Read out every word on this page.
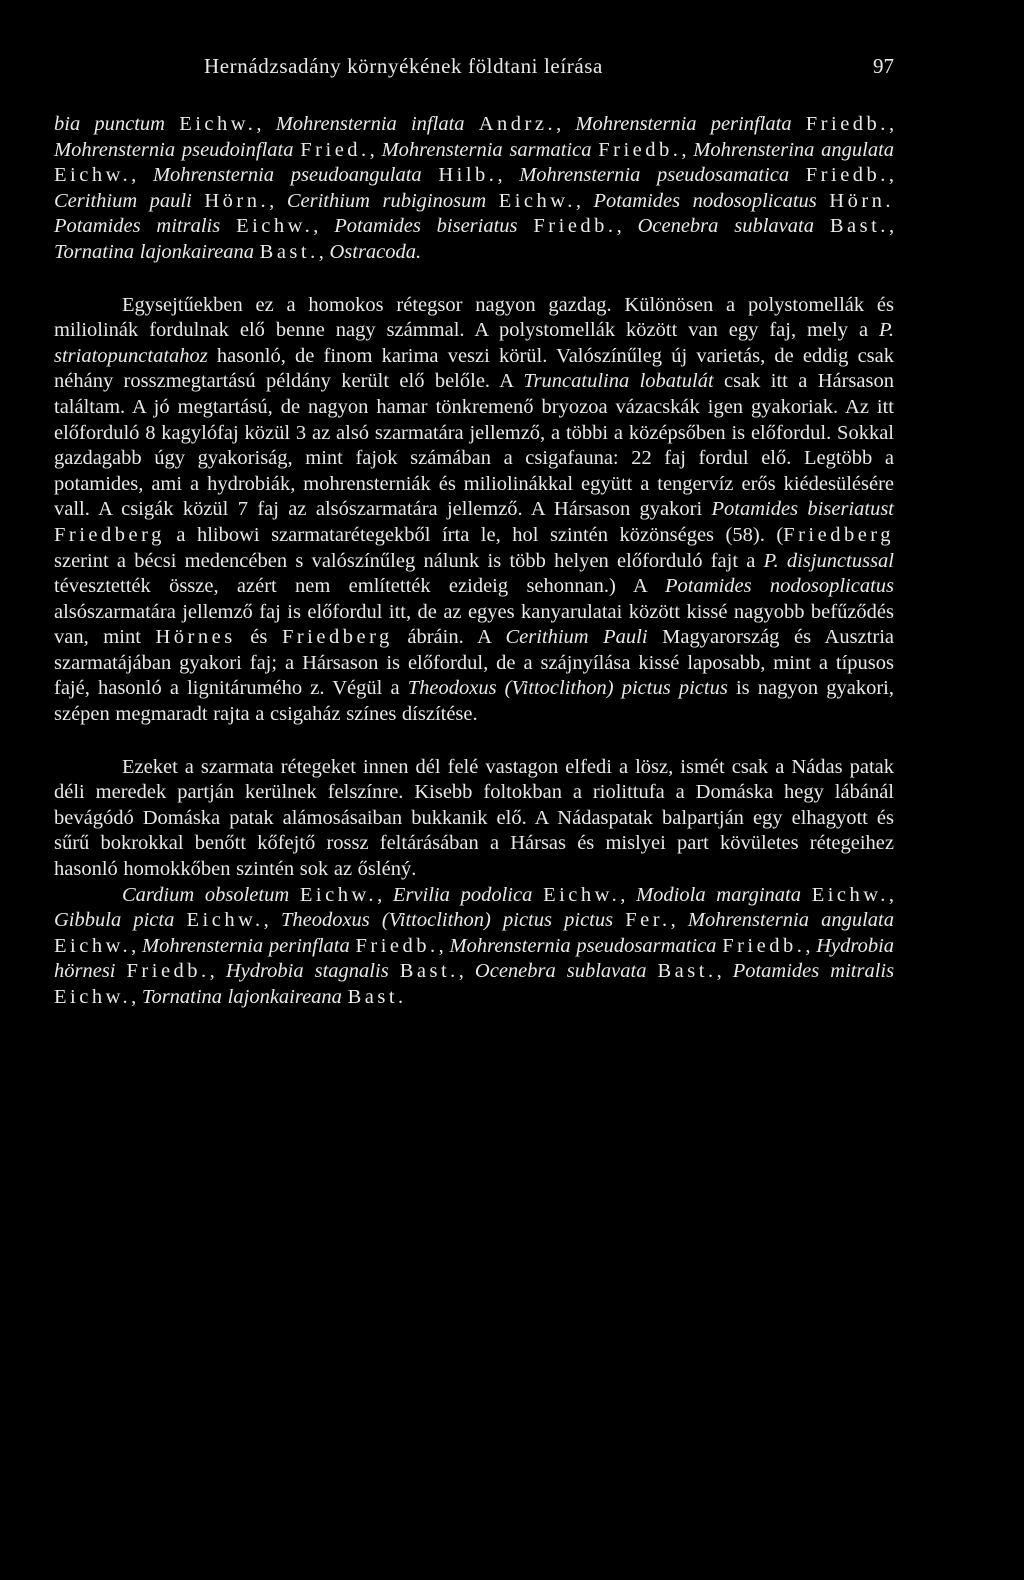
Hernádzsadány környékének földtani leírása	97

bia punctum Eichw., Mohrensternia inflata Andrz., Mohrensternia perinflata Friedb., Mohrensternia pseudoinflata Fried., Mohrensternia sarmatica Friedb., Mohrensterina angulata Eichw., Mohrensternia pseudoangulata Hilb., Mohrensternia pseudosamatica Friedb., Cerithium pauli Hörn., Cerithium rubiginosum Eichw., Potamides nodosoplicatus Hörn. Potamides mitralis Eichw., Potamides biseriatus Friedb., Ocenebra sublavata Bast., Tornatina lajonkaireana Bast., Ostracoda.

Egysejtűekben ez a homokos rétegsor nagyon gazdag. Különösen a polystomellák és miliolinák fordulnak elő benne nagy számmal. A polystomellák között van egy faj, mely a P. striatopunctatahoz hasonló, de finom karima veszi körül. Valószínűleg új varietás, de eddig csak néhány rosszmegtartású példány került elő belőle. A Truncatulina lobatulát csak itt a Hársason találtam. A jó megtartású, de nagyon hamar tönkremenő bryozoa vázacskák igen gyakoriak. Az itt előforduló 8 kagylófaj közül 3 az alsó szarmatára jellemző, a többi a középsőben is előfordul. Sokkal gazdagabb úgy gyakoriság, mint fajok számában a csigafauna: 22 faj fordul elő. Legtöbb a potamides, ami a hydrobiák, mohrensterniák és miliolinákkal együtt a tengervíz erős kiédesülésére vall. A csigák közül 7 faj az alsószarmatára jellemző. A Hársason gyakori Potamides biseriatust Friedberg a hlibowi szarmatarétegekből írta le, hol szintén közönséges (58). (Friedberg szerint a bécsi medencében s valószínűleg nálunk is több helyen előforduló fajt a P. disjunctussal tévesztették össze, azért nem említették ezideig sehonnan.) A Potamides nodosoplicatus alsószarmatára jellemző faj is előfordul itt, de az egyes kanyarulatai között kissé nagyobb befűződés van, mint Hörnes és Friedberg ábráin. A Cerithium Pauli Magyarország és Ausztria szarmatájában gyakori faj; a Hársason is előfordul, de a szájnyílása kissé laposabb, mint a típusos fajé, hasonló a lignitárumého z. Végül a Theodoxus (Vittoclithon) pictus pictus is nagyon gyakori, szépen megmaradt rajta a csigaház színes díszítése.

Ezeket a szarmata rétegeket innen dél felé vastagon elfedi a lösz, ismét csak a Nádas patak déli meredek partján kerülnek felszínre. Kisebb foltokban a riolittufa a Domáska hegy lábánál bevágódó Domáska patak alámosásaiban bukkanik elő. A Nádaspatak balpartján egy elhagyott és sűrű bokrokkal benőtt kőfejtő rossz feltárásában a Hársas és mislyei part kövületes rétegeihez hasonló homokkőben szintén sok az ősléný.

Cardium obsoletum Eichw., Ervilia podolica Eichw., Modiola marginata Eichw., Gibbula picta Eichw., Theodoxus (Vittoclithon) pictus pictus Fer., Mohrensternia angulata Eichw., Mohrensternia perinflata Friedb., Mohrensternia pseudosarmatica Friedb., Hydrobia hörnesi Friedb., Hydrobia stagnalis Bast., Ocenebra sublavata Bast., Potamides mitralis Eichw., Tornatina lajonkaireana Bast.
